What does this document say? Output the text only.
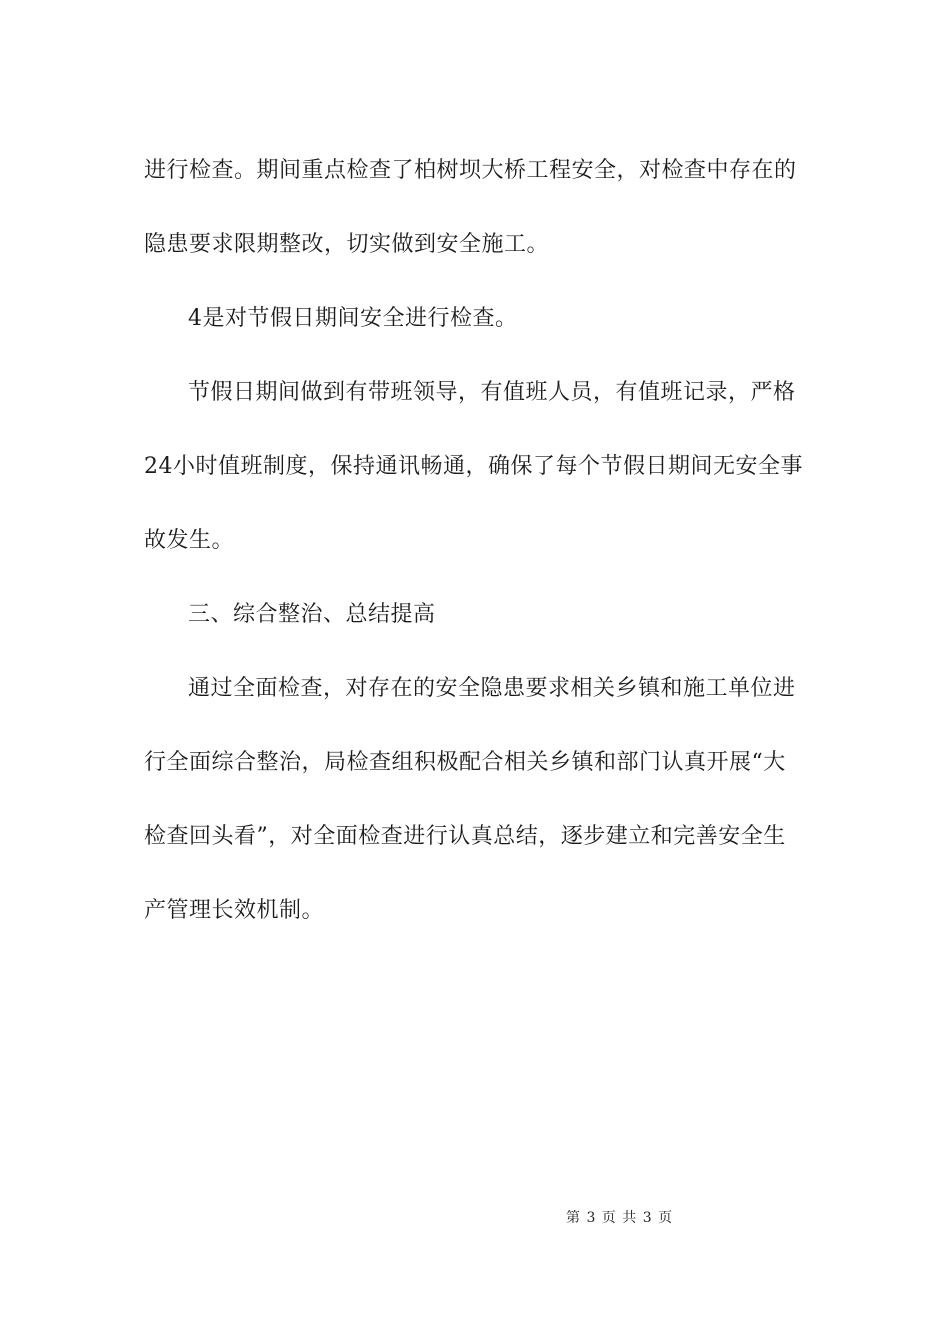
进行检查。期间重点检查了柏树坝大桥工程安全，对检查中存在的
隐患要求限期整改，切实做到安全施工。

4是对节假日期间安全进行检查。

节假日期间做到有带班领导，有值班人员，有值班记录，严格
24小时值班制度，保持通讯畅通，确保了每个节假日期间无安全事
故发生。

三、综合整治、总结提高

通过全面检查，对存在的安全隐患要求相关乡镇和施工单位进
行全面综合整治，局检查组积极配合相关乡镇和部门认真开展“大
检查回头看”，对全面检查进行认真总结，逐步建立和完善安全生
产管理长效机制。

第 3 页 共 3 页
